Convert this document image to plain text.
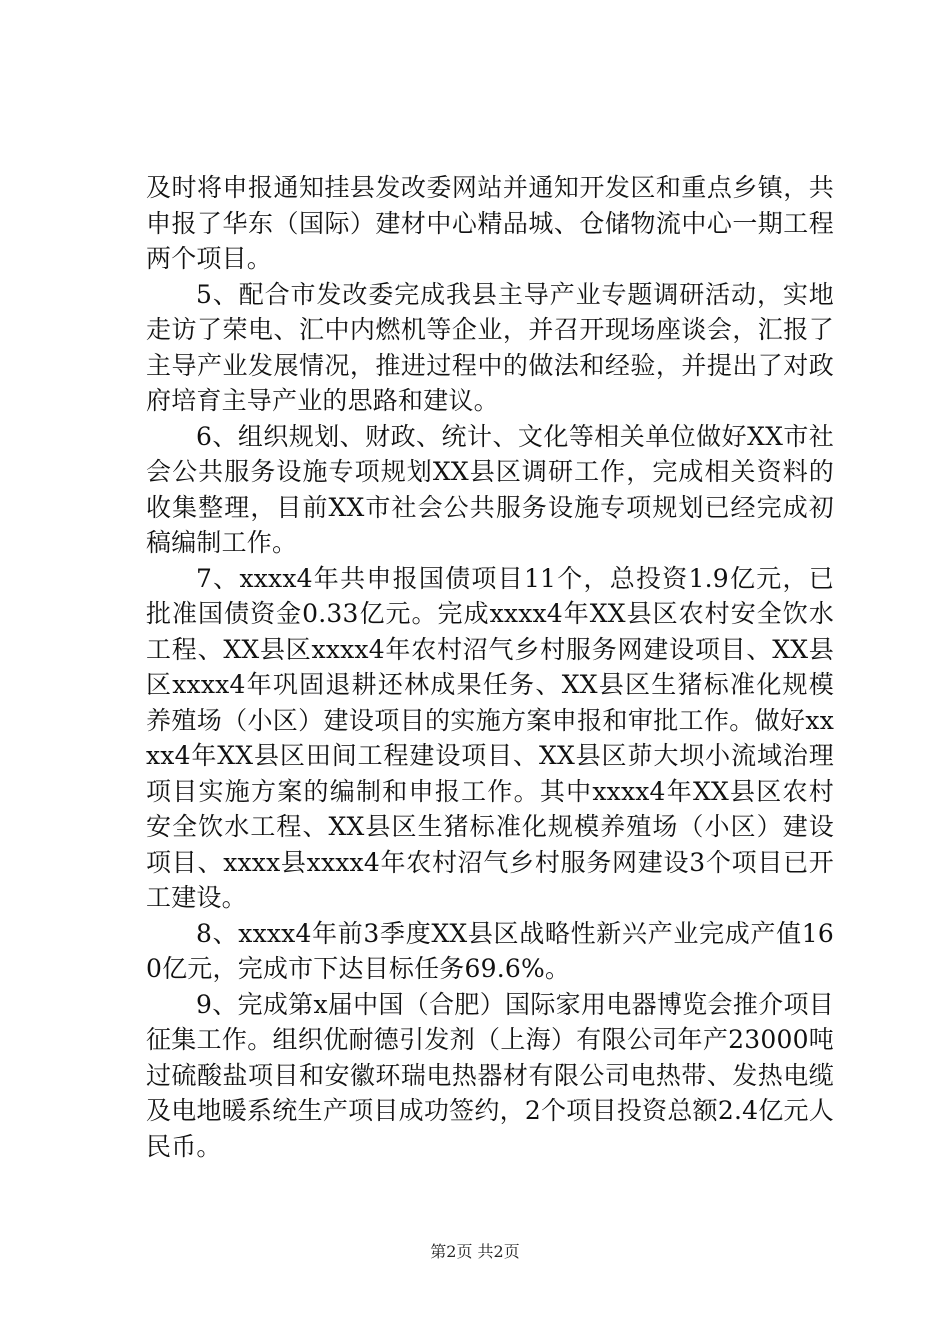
及时将申报通知挂县发改委网站并通知开发区和重点乡镇，共申报了华东（国际）建材中心精品城、仓储物流中心一期工程两个项目。

5、配合市发改委完成我县主导产业专题调研活动，实地走访了荣电、汇中内燃机等企业，并召开现场座谈会，汇报了主导产业发展情况，推进过程中的做法和经验，并提出了对政府培育主导产业的思路和建议。

6、组织规划、财政、统计、文化等相关单位做好XX市社会公共服务设施专项规划XX县区调研工作，完成相关资料的收集整理，目前XX市社会公共服务设施专项规划已经完成初稿编制工作。

7、xxxx4年共申报国债项目11个，总投资1.9亿元，已批准国债资金0.33亿元。完成xxxx4年XX县区农村安全饮水工程、XX县区xxxx4年农村沼气乡村服务网建设项目、XX县区xxxx4年巩固退耕还林成果任务、XX县区生猪标准化规模养殖场（小区）建设项目的实施方案申报和审批工作。做好xxxx4年XX县区田间工程建设项目、XX县区茆大坝小流域治理项目实施方案的编制和申报工作。其中xxxx4年XX县区农村安全饮水工程、XX县区生猪标准化规模养殖场（小区）建设项目、xxxx县xxxx4年农村沼气乡村服务网建设3个项目已开工建设。

8、xxxx4年前3季度XX县区战略性新兴产业完成产值160亿元，完成市下达目标任务69.6%。

9、完成第x届中国（合肥）国际家用电器博览会推介项目征集工作。组织优耐德引发剂（上海）有限公司年产23000吨过硫酸盐项目和安徽环瑞电热器材有限公司电热带、发热电缆及电地暖系统生产项目成功签约，2个项目投资总额2.4亿元人民币。

第2页 共2页
